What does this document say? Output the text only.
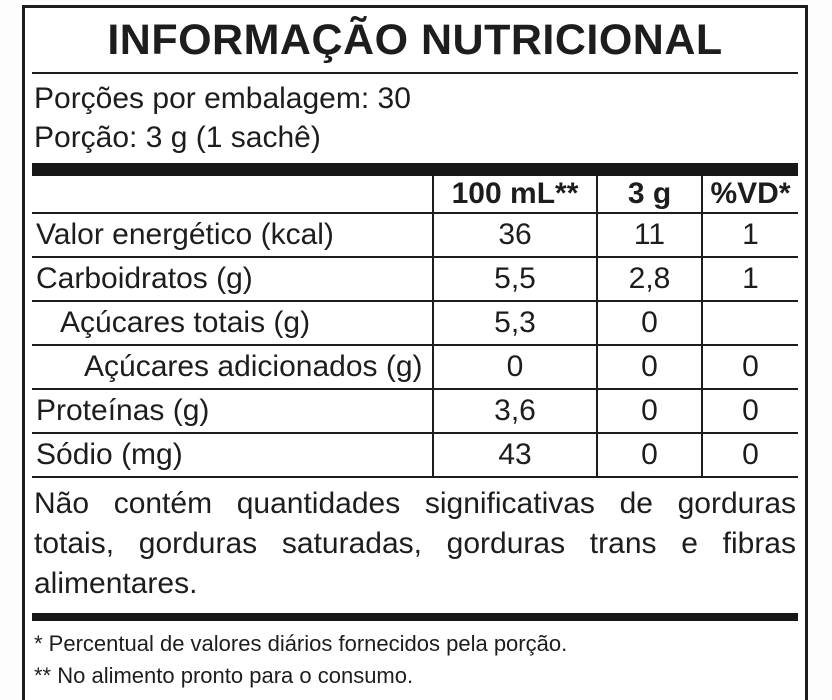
INFORMAÇÃO NUTRICIONAL
Porções por embalagem: 30
Porção: 3 g (1 sachê)
	100 mL**	3 g	%VD*
Valor energético (kcal)	36	11	1
Carboidratos (g)	5,5	2,8	1
Açúcares totais (g)	5,3	0	
Açúcares adicionados (g)	0	0	0
Proteínas (g)	3,6	0	0
Sódio (mg)	43	0	0
Não contém quantidades significativas de gorduras totais, gorduras saturadas, gorduras trans e fibras alimentares.
* Percentual de valores diários fornecidos pela porção.
** No alimento pronto para o consumo.
